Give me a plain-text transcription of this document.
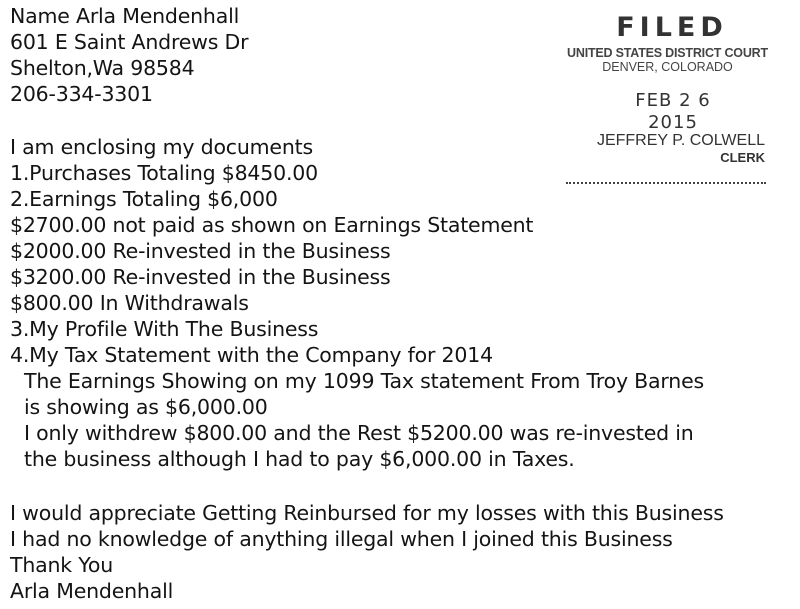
Name Arla Mendenhall

601 E Saint Andrews Dr

Shelton,Wa 98584

206-334-3301

I am enclosing my documents

1.Purchases Totaling $8450.00

2.Earnings Totaling $6,000

$2700.00 not paid as shown on Earnings Statement

$2000.00 Re-invested in the Business

$3200.00 Re-invested in the Business

$800.00 In Withdrawals

3.My Profile With The Business

4.My Tax Statement with the Company for 2014

The Earnings Showing on my 1099 Tax statement From Troy Barnes

is showing as $6,000.00

I only withdrew $800.00 and the Rest $5200.00 was re-invested in

the business although I had to pay $6,000.00 in Taxes.

I would appreciate Getting Reinbursed for my losses with this Business

I had no knowledge of anything illegal when I joined this Business

Thank You

Arla Mendenhall

FILED
UNITED STATES DISTRICT COURT
DENVER, COLORADO
FEB 2 6 2015
JEFFREY P. COLWELL
CLERK
